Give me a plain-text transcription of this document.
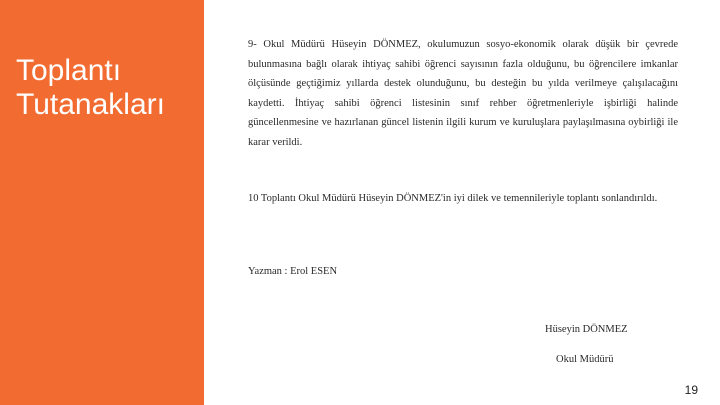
Toplantı
Tutanakları
9- Okul Müdürü Hüseyin DÖNMEZ, okulumuzun sosyo-ekonomik olarak düşük bir çevrede bulunmasına bağlı olarak ihtiyaç sahibi öğrenci sayısının fazla olduğunu, bu öğrencilere imkanlar ölçüsünde geçtiğimiz yıllarda destek olunduğunu, bu desteğin bu yılda verilmeye çalışılacağını kaydetti. İhtiyaç sahibi öğrenci listesinin sınıf rehber öğretmenleriyle işbirliği halinde güncellenmesine ve hazırlanan güncel listenin ilgili kurum ve kuruluşlara paylaşılmasına oybirliği ile karar verildi.
10 Toplantı Okul Müdürü Hüseyin DÖNMEZ'in iyi dilek ve temennileriyle toplantı sonlandırıldı.
Yazman : Erol ESEN
Hüseyin DÖNMEZ
Okul Müdürü
19
